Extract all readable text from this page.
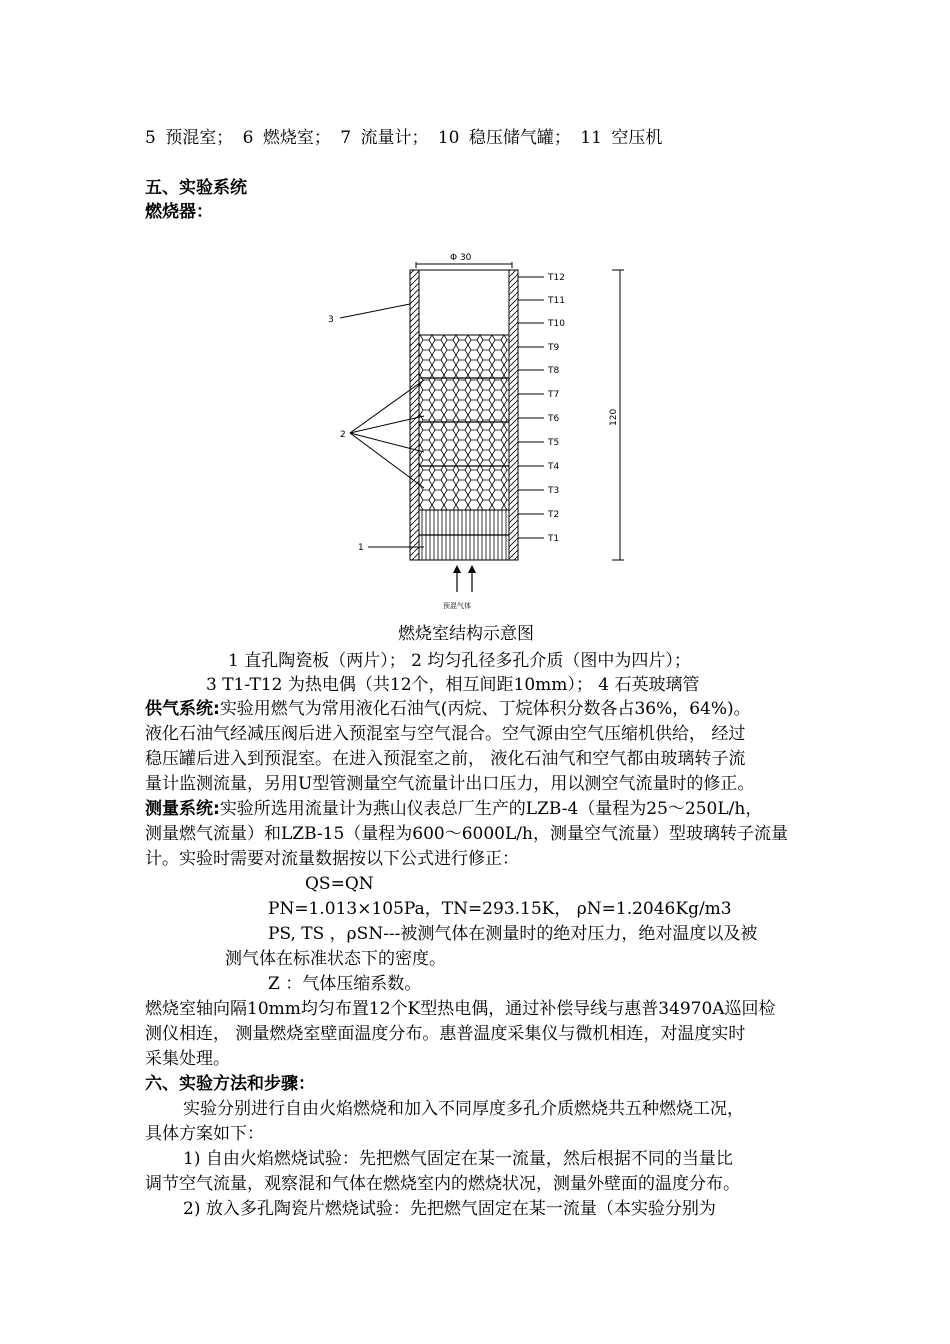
5 预混室； 6 燃烧室； 7 流量计； 10 稳压储气罐； 11 空压机
五、实验系统
燃烧器：
Φ 30
T12
T11
T10
T9
T8
T7
T6
T5
T4
T3
T2
T1
120
3
2
1
预混气体
燃烧室结构示意图
1 直孔陶瓷板（两片）； 2 均匀孔径多孔介质（图中为四片）；
3 T1-T12 为热电偶（共12个，相互间距10mm）； 4 石英玻璃管
供气系统:实验用燃气为常用液化石油气(丙烷、丁烷体积分数各占36%，64%)。
液化石油气经减压阀后进入预混室与空气混合。空气源由空气压缩机供给， 经过
稳压罐后进入到预混室。在进入预混室之前， 液化石油气和空气都由玻璃转子流
量计监测流量，另用U型管测量空气流量计出口压力，用以测空气流量时的修正。
测量系统:实验所选用流量计为燕山仪表总厂生产的LZB-4（量程为25～250L/h，
测量燃气流量）和LZB-15（量程为600～6000L/h，测量空气流量）型玻璃转子流量
计。实验时需要对流量数据按以下公式进行修正：
QS=QN
PN=1.013×105Pa，TN=293.15K， ρN=1.2046Kg/m3
PS, TS ，ρSN---被测气体在测量时的绝对压力，绝对温度以及被
测气体在标准状态下的密度。
Z ：气体压缩系数。
燃烧室轴向隔10mm均匀布置12个K型热电偶，通过补偿导线与惠普34970A巡回检
测仪相连， 测量燃烧室壁面温度分布。惠普温度采集仪与微机相连，对温度实时
采集处理。
六、实验方法和步骤：
实验分别进行自由火焰燃烧和加入不同厚度多孔介质燃烧共五种燃烧工况，
具体方案如下：
1) 自由火焰燃烧试验：先把燃气固定在某一流量，然后根据不同的当量比
调节空气流量，观察混和气体在燃烧室内的燃烧状况，测量外壁面的温度分布。
2) 放入多孔陶瓷片燃烧试验：先把燃气固定在某一流量（本实验分别为
